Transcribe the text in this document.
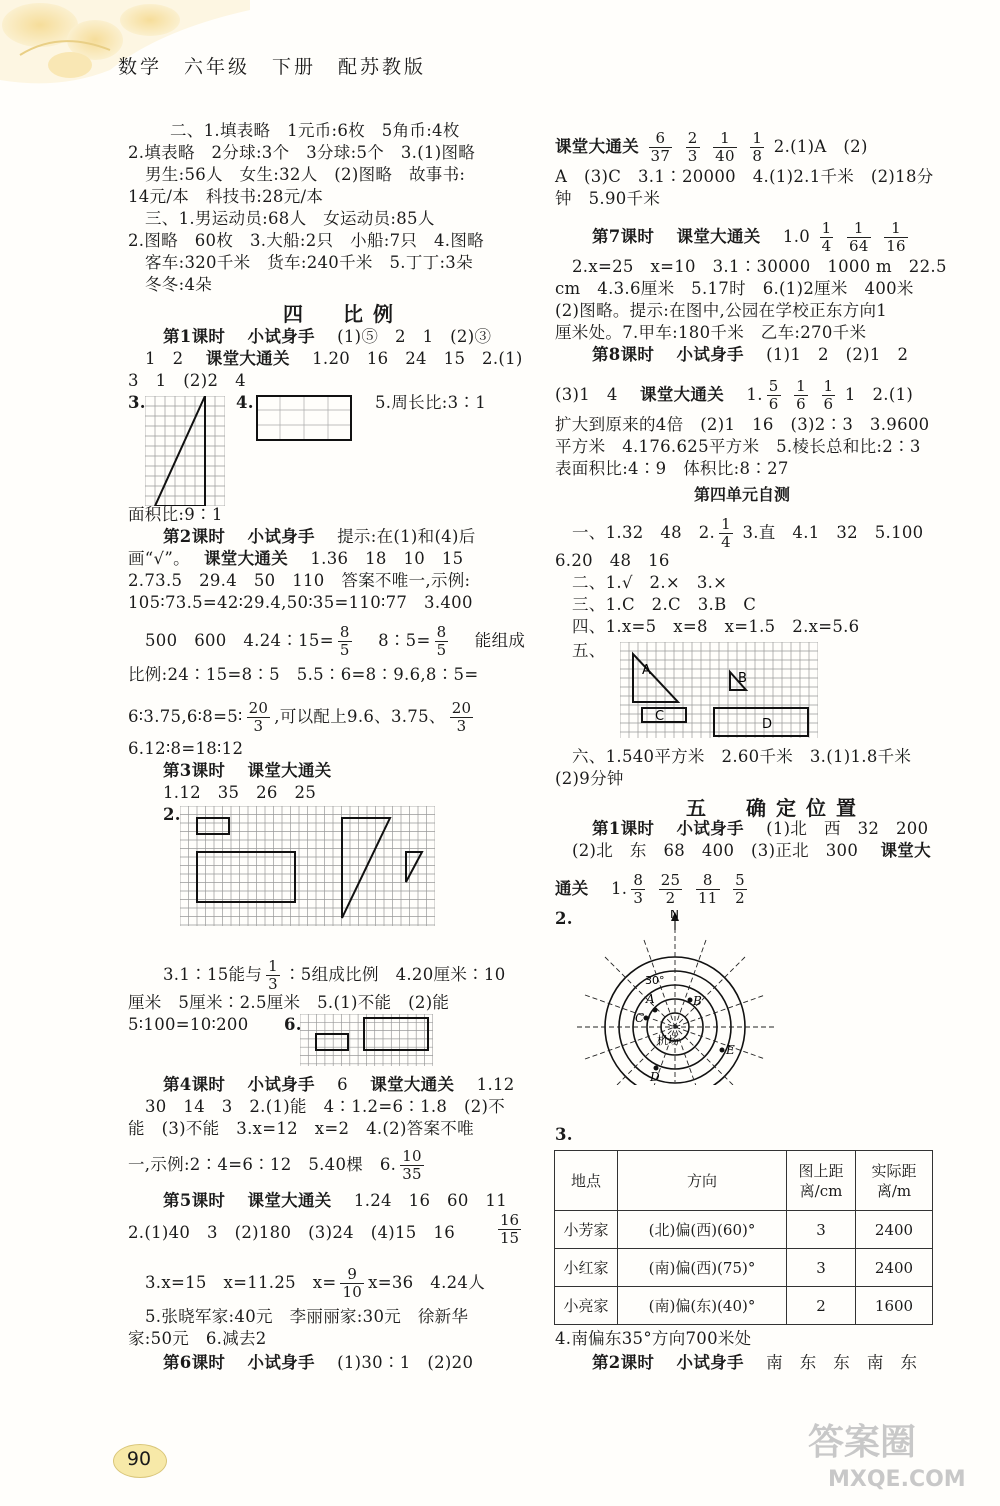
数学　六年级　下册　配苏教版
二、1.填表略　1元币:6枚　5角币:4枚
2.填表略　2分球:3个　3分球:5个　3.(1)图略
男生:56人　女生:32人　(2)图略　故事书:
14元/本　科技书:28元/本
三、1.男运动员:68人　女运动员:85人
2.图略　60枚　3.大船:2只　小船:7只　4.图略
客车:320千米　货车:240千米　5.丁丁:3朵
冬冬:4朵
四　比例
第1课时　 小试身手　 (1)⑤　2　1　(2)③
1　2　 课堂大通关　 1.20　16　24　15　2.(1)
3　1　(2)2　4
3.	4.	5.周长比:3∶1
面积比:9∶1
第2课时　 小试身手　 提示:在(1)和(4)后
画“√”。　 课堂大通关　 1.36　18　10　15
2.73.5　29.4　50　110　答案不唯一,示例:
105∶73.5=42∶29.4,50∶35=110∶77　3.400
500　600　4.24∶15= $\frac{8}{5}$
　 8∶5= $\frac{8}{5}$
　 能组成
比例:24∶15=8∶5　5.5∶6=8∶9.6,8∶5=
6∶3.75,6∶8=5∶ $\frac{20}{3}$ ,可以配上9.6、3.75、 $\frac{20}{3}$
6.12∶8=18∶12
第3课时　 课堂大通关
1.12　35　26　25
2.
3.1∶15能与 $\frac{1}{3}$ ∶5组成比例　4.20厘米∶10
厘米　5厘米∶2.5厘米　5.(1)不能　(2)能
5∶100=10∶200 6.
第4课时　 小试身手　 6　 课堂大通关　 1.12
30　14　3　2.(1)能　4∶1.2=6∶1.8　(2)不
能　(3)不能　3.x=12　x=2　4.(2)答案不唯
一,示例:2∶4=6∶12　5.40棵　6. $\frac{10}{35}$
第5课时　 课堂大通关　 1.24　16　60　11
2.(1)40　3　(2)180　(3)24　(4)15　16	$\frac{16}{15}$
3.x=15　x=11.25　$x= \frac{9}{10} x=36$　4.24人
5.张晓军家:40元　李丽丽家:30元　徐新华
家:50元　6.减去2
第6课时　 小试身手　 (1)30∶1　(2)20
课堂大通关 $\frac{6}{37}$
$\frac{2}{3}$
$\frac{1}{40}$
$\frac{1}{8} 2.(1)A$　(2)
A　(3)C　3.1∶20000　4.(1)2.1千米　(2)18分
钟　5.90千米
第7课时　 课堂大通关　 $1.0 \frac{1}{4}$
$\frac{1}{64}$
$\frac{1}{16}$
2.x=25　x=10　3.1∶30000　1000 m　22.5
cm　4.3.6厘米　5.17时　6.(1)2厘米　400米
(2)图略。提示:在图中,公园在学校正东方向1
厘米处。7.甲车:180千米　乙车:270千米
第8课时　 小试身手　 (1)1　2　(2)1　2
(3)1　4　 课堂大通关　 1. $\frac{5}{6}$
$\frac{1}{6}$
$\frac{1}{6} 1$　2.(1)
扩大到原来的4倍　(2)1　16　(3)2∶3　3.9600
平方米　4.176.625平方米　5.棱长总和比:2∶3
表面积比:4∶9　体积比:8∶27
第四单元自测
一、1.32　48　2. $\frac{1}{4} 3$.直　4.1　32　5.100
6.20　48　16
二、1.√　2.×　3.×
三、1.C　2.C　3.B　C
四、1.x=5　x=8　x=1.5　2.x=5.6
五、
A
B
C
D
六、1.540平方米　2.60千米　3.(1)1.8千米
(2)9分钟
五　确定位置
第1课时　 小试身手　 (1)北　西　32　200
(2)北　东　68　400　(3)正北　300　 课堂大
通关　 1. $\frac{8}{3}$
$\frac{25}{2}$
$\frac{8}{11}$
$\frac{5}{2}$
2.	N
30°
机场
A	B
C
D
E
3.
地点	方向	图上距离/cm	实际距离/m
小芳家	(北)偏(西)(60)°	3	2400
小红家	(南)偏(西)(75)°	3	2400
小亮家	(南)偏(东)(40)°	2	1600
4.南偏东35°方向700米处
第2课时　 小试身手　 南　东　东　南　东
90	答案圈
MXQE.COM
